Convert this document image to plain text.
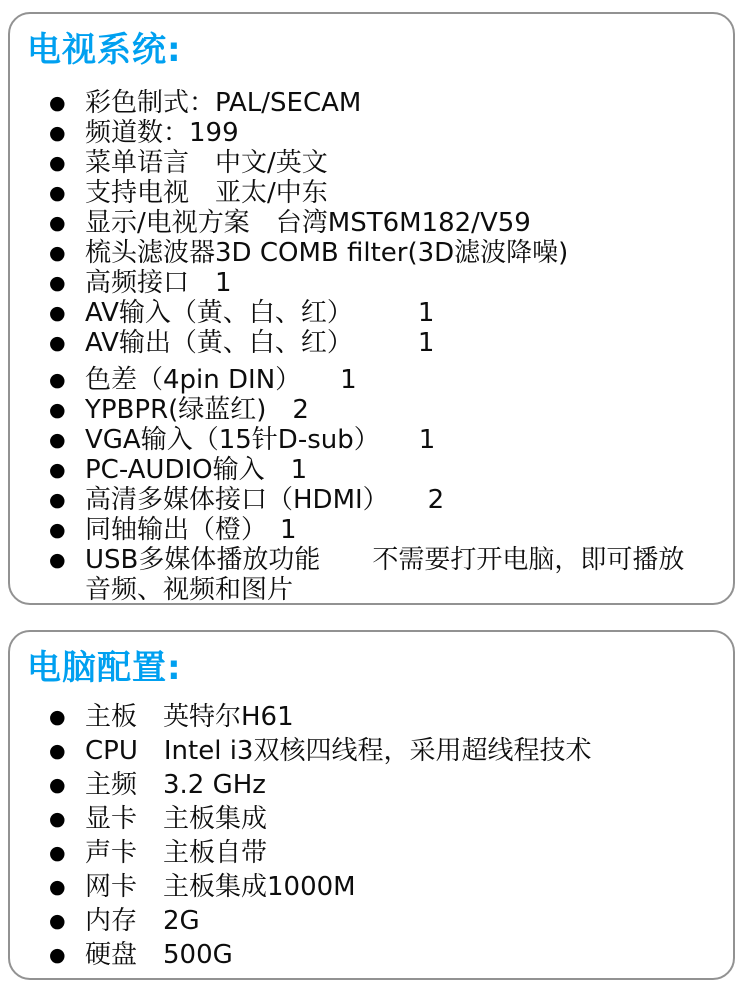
电视系统:
● 彩色制式：PAL/SECAM
● 频道数：199
● 菜单语言　中文/英文
● 支持电视　亚太/中东
● 显示/电视方案　台湾MST6M182/V59
● 梳头滤波器3D COMB filter(3D滤波降噪)
● 高频接口　1
● AV输入（黄、白、红）　　　1
● AV输出（黄、白、红）　　　1
● 色差（4pin DIN）　　1
● YPBPR(绿蓝红)　2
● VGA输入（15针D-sub）　　1
● PC-AUDIO输入　1
● 高清多媒体接口（HDMI）　　2
● 同轴输出（橙）　1
● USB多媒体播放功能　　不需要打开电脑，即可播放音频、视频和图片
电脑配置:
● 主板　英特尔H61
● CPU　Intel i3双核四线程，采用超线程技术
● 主频　3.2 GHz
● 显卡　主板集成
● 声卡　主板自带
● 网卡　主板集成1000M
● 内存　2G
● 硬盘　500G
